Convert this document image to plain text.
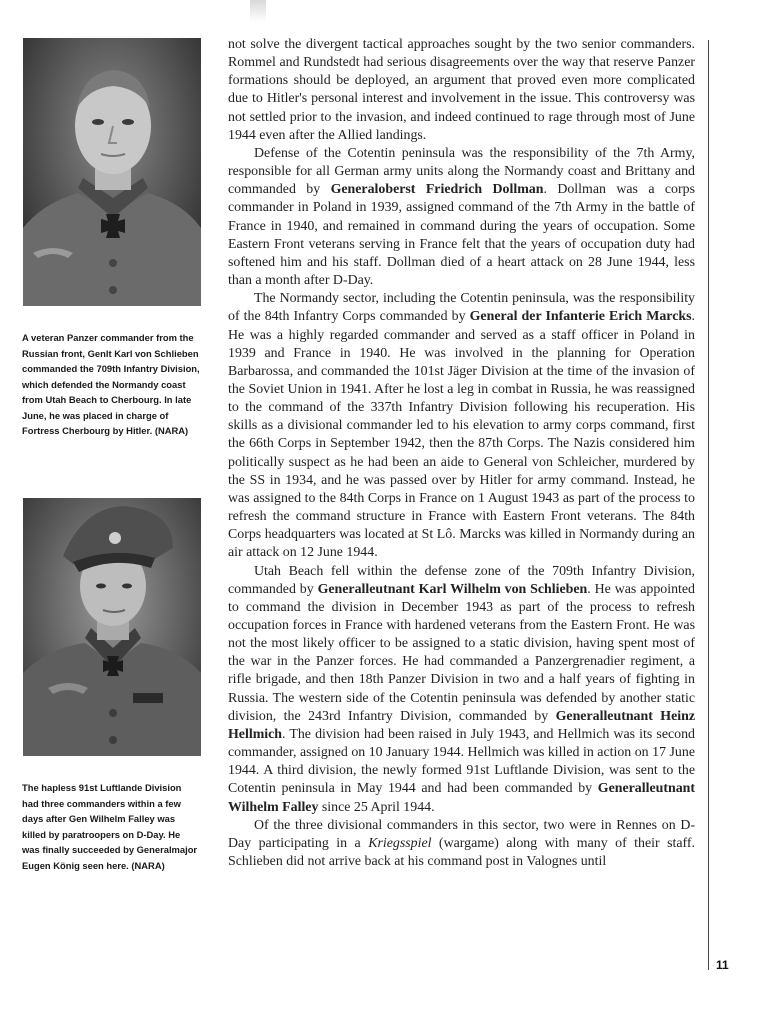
A veteran Panzer commander from the Russian front, Genlt Karl von Schlieben commanded the 709th Infantry Division, which defended the Normandy coast from Utah Beach to Cherbourg. In late June, he was placed in charge of Fortress Cherbourg by Hitler. (NARA)
The hapless 91st Luftlande Division had three commanders within a few days after Gen Wilhelm Falley was killed by paratroopers on D-Day. He was finally succeeded by Generalmajor Eugen König seen here. (NARA)

not solve the divergent tactical approaches sought by the two senior commanders. Rommel and Rundstedt had serious disagreements over the way that reserve Panzer formations should be deployed, an argument that proved even more complicated due to Hitler's personal interest and involvement in the issue. This controversy was not settled prior to the invasion, and indeed continued to rage through most of June 1944 even after the Allied landings.

Defense of the Cotentin peninsula was the responsibility of the 7th Army, responsible for all German army units along the Normandy coast and Brittany and commanded by Generaloberst Friedrich Dollman. Dollman was a corps commander in Poland in 1939, assigned command of the 7th Army in the battle of France in 1940, and remained in command during the years of occupation. Some Eastern Front veterans serving in France felt that the years of occupation duty had softened him and his staff. Dollman died of a heart attack on 28 June 1944, less than a month after D-Day.

The Normandy sector, including the Cotentin peninsula, was the responsibility of the 84th Infantry Corps commanded by General der Infanterie Erich Marcks. He was a highly regarded commander and served as a staff officer in Poland in 1939 and France in 1940. He was involved in the planning for Operation Barbarossa, and commanded the 101st Jäger Division at the time of the invasion of the Soviet Union in 1941. After he lost a leg in combat in Russia, he was reassigned to the command of the 337th Infantry Division following his recuperation. His skills as a divisional commander led to his elevation to army corps command, first the 66th Corps in September 1942, then the 87th Corps. The Nazis considered him politically suspect as he had been an aide to General von Schleicher, murdered by the SS in 1934, and he was passed over by Hitler for army command. Instead, he was assigned to the 84th Corps in France on 1 August 1943 as part of the process to refresh the command structure in France with Eastern Front veterans. The 84th Corps headquarters was located at St Lô. Marcks was killed in Normandy during an air attack on 12 June 1944.

Utah Beach fell within the defense zone of the 709th Infantry Division, commanded by Generalleutnant Karl Wilhelm von Schlieben. He was appointed to command the division in December 1943 as part of the process to refresh occupation forces in France with hardened veterans from the Eastern Front. He was not the most likely officer to be assigned to a static division, having spent most of the war in the Panzer forces. He had commanded a Panzergrenadier regiment, a rifle brigade, and then 18th Panzer Division in two and a half years of fighting in Russia. The western side of the Cotentin peninsula was defended by another static division, the 243rd Infantry Division, commanded by Generalleutnant Heinz Hellmich. The division had been raised in July 1943, and Hellmich was its second commander, assigned on 10 January 1944. Hellmich was killed in action on 17 June 1944. A third division, the newly formed 91st Luftlande Division, was sent to the Cotentin peninsula in May 1944 and had been commanded by Generalleutnant Wilhelm Falley since 25 April 1944.

Of the three divisional commanders in this sector, two were in Rennes on D-Day participating in a Kriegsspiel (wargame) along with many of their staff. Schlieben did not arrive back at his command post in Valognes until

11
